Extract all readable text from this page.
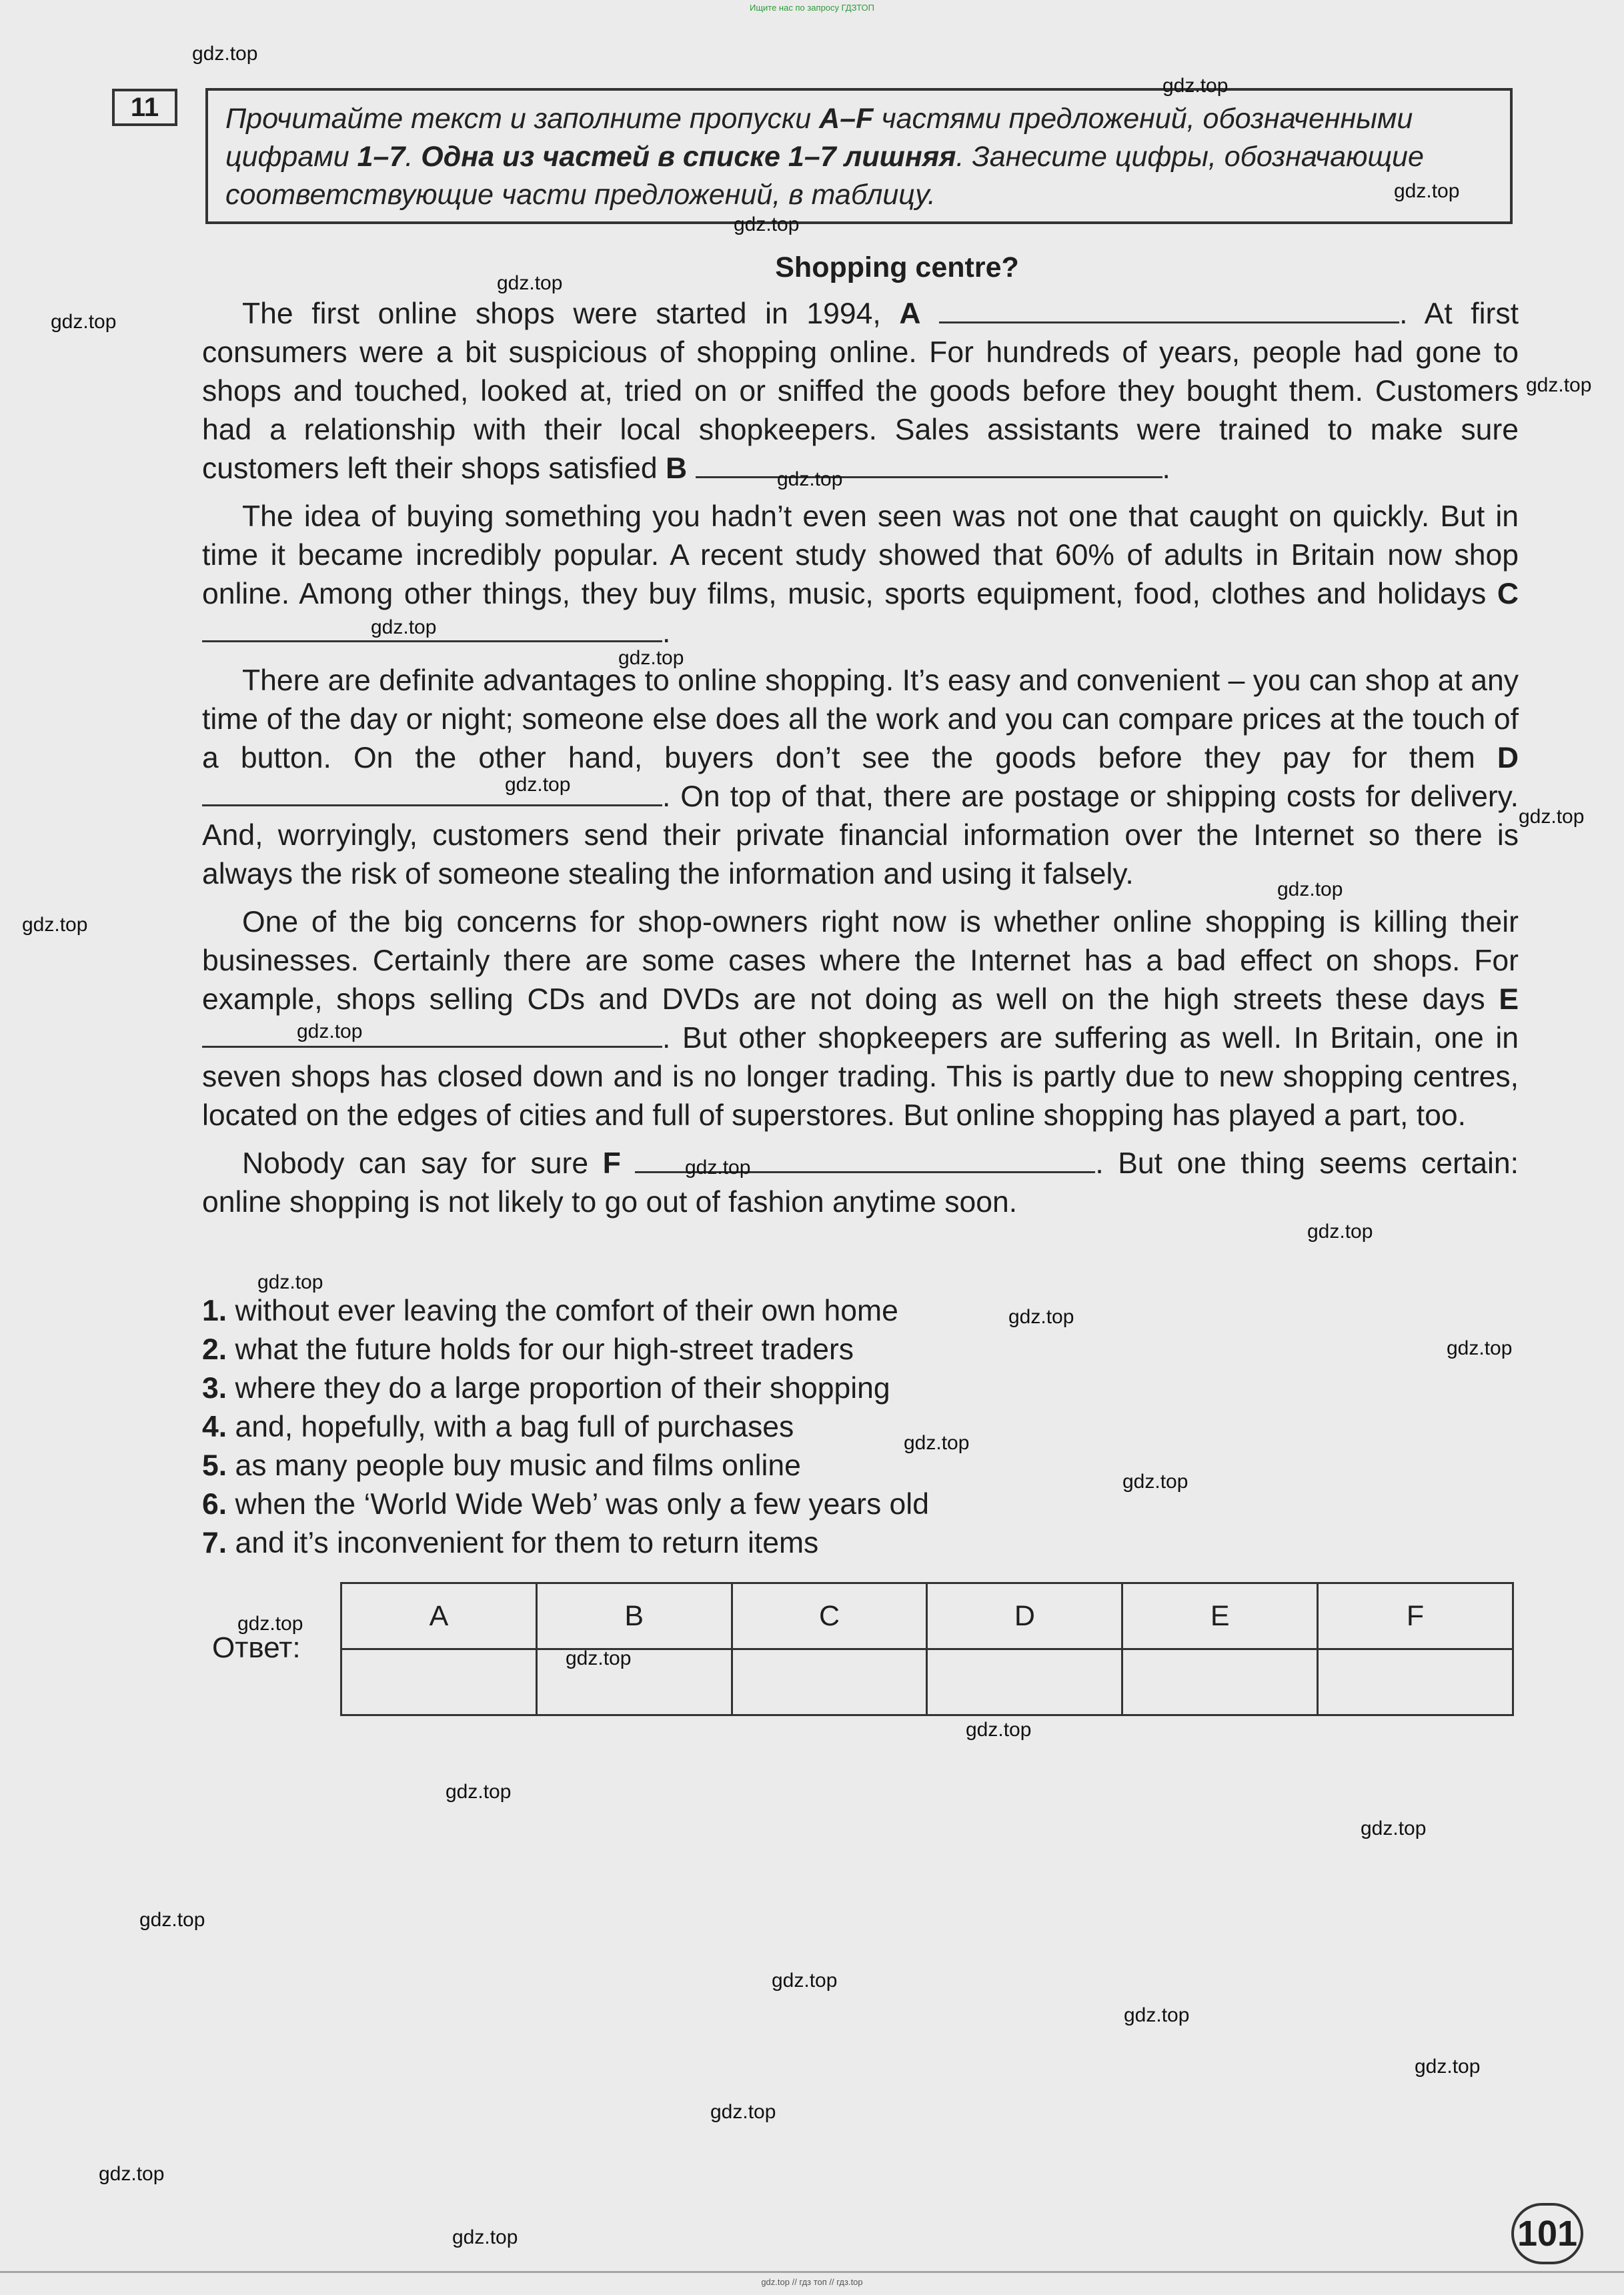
Ищите нас по запросу ГДЗТОП
11	Прочитайте текст и заполните пропуски A–F частями предложений, обозначенными цифрами 1–7. Одна из частей в списке 1–7 лишняя. Занесите цифры, обозначающие соответствующие части предложений, в таблицу.
Shopping centre?

The first online shops were started in 1994, A	. At first consumers were a bit suspicious of shopping online. For hundreds of years, people had gone to shops and touched, looked at, tried on or sniffed the goods before they bought them. Customers had a relationship with their local shopkeepers. Sales assistants were trained to make sure customers left their shops satisfied B	.

The idea of buying something you hadn’t even seen was not one that caught on quickly. But in time it became incredibly popular. A recent study showed that 60% of adults in Britain now shop online. Among other things, they buy films, music, sports equipment, food, clothes and holidays C .

There are definite advantages to online shopping. It’s easy and convenient – you can shop at any time of the day or night; someone else does all the work and you can compare prices at the touch of a button. On the other hand, buyers don’t see the goods before they pay for them D . On top of that, there are postage or shipping costs for delivery. And, worryingly, customers send their private financial information over the Internet so there is always the risk of someone stealing the information and using it falsely.

One of the big concerns for shop-owners right now is whether online shopping is killing their businesses. Certainly there are some cases where the Internet has a bad effect on shops. For example, shops selling CDs and DVDs are not doing as well on the high streets these days E . But other shopkeepers are suffering as well. In Britain, one in seven shops has closed down and is no longer trading. This is partly due to new shopping centres, located on the edges of cities and full of superstores. But online shopping has played a part, too.

Nobody can say for sure F	. But one thing seems certain: online shopping is not likely to go out of fashion anytime soon.

1. without ever leaving the comfort of their own home
2. what the future holds for our high-street traders
3. where they do a large proportion of their shopping
4. and, hopefully, with a bag full of purchases
5. as many people buy music and films online
6. when the ‘World Wide Web’ was only a few years old
7. and it’s inconvenient for them to return items
Ответ:
A	B	C	D	E	F

101
gdz.top // гдз топ // гдз.top
gdz.top
gdz.top
gdz.top
gdz.top
gdz.top
gdz.top
gdz.top
gdz.top
gdz.top
gdz.top
gdz.top
gdz.top
gdz.top
gdz.top
gdz.top
gdz.top
gdz.top
gdz.top
gdz.top
gdz.top
gdz.top
gdz.top
gdz.top
gdz.top
gdz.top
gdz.top
gdz.top
gdz.top
gdz.top
gdz.top
gdz.top
gdz.top
gdz.top
gdz.top
